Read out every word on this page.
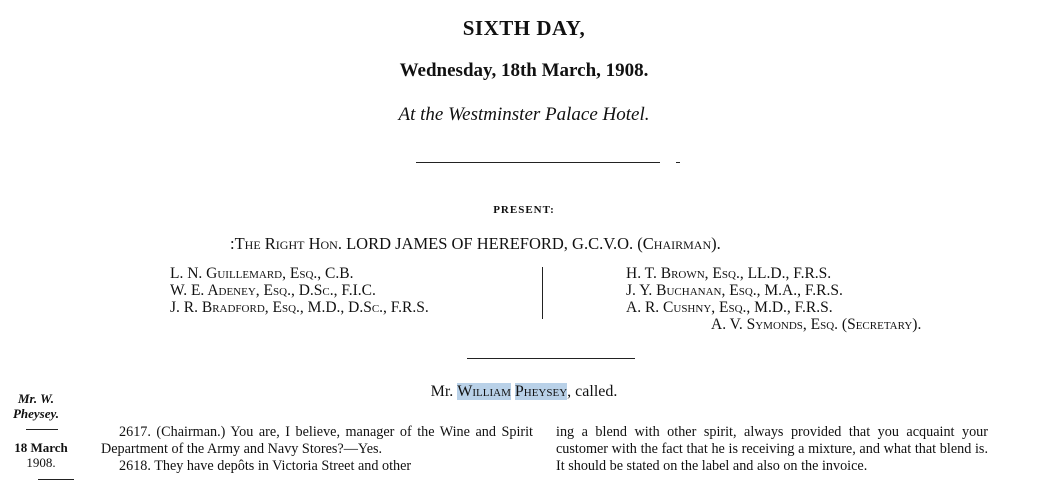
SIXTH DAY,
Wednesday, 18th March, 1908.
At the Westminster Palace Hotel.
PRESENT:
:The Right Hon. LORD JAMES OF HEREFORD, G.C.V.O. (Chairman).
L. N. Guillemard, Esq., C.B.
W. E. Adeney, Esq., D.Sc., F.I.C.
J. R. Bradford, Esq., M.D., D.Sc., F.R.S.
H. T. Brown, Esq., LL.D., F.R.S.
J. Y. Buchanan, Esq., M.A., F.R.S.
A. R. Cushny, Esq., M.D., F.R.S.
A. V. Symonds, Esq. (Secretary).
Mr. William Pheysey, called.
Mr. W.
Pheysey.
18 March
1908.

2617. (Chairman.) You are, I believe, manager of the Wine and Spirit Department of the Army and Navy Stores?—Yes.

2618. They have depôts in Victoria Street and other

ing a blend with other spirit, always provided that you acquaint your customer with the fact that he is receiving a mixture, and what that blend is. It should be stated on the label and also on the invoice.
